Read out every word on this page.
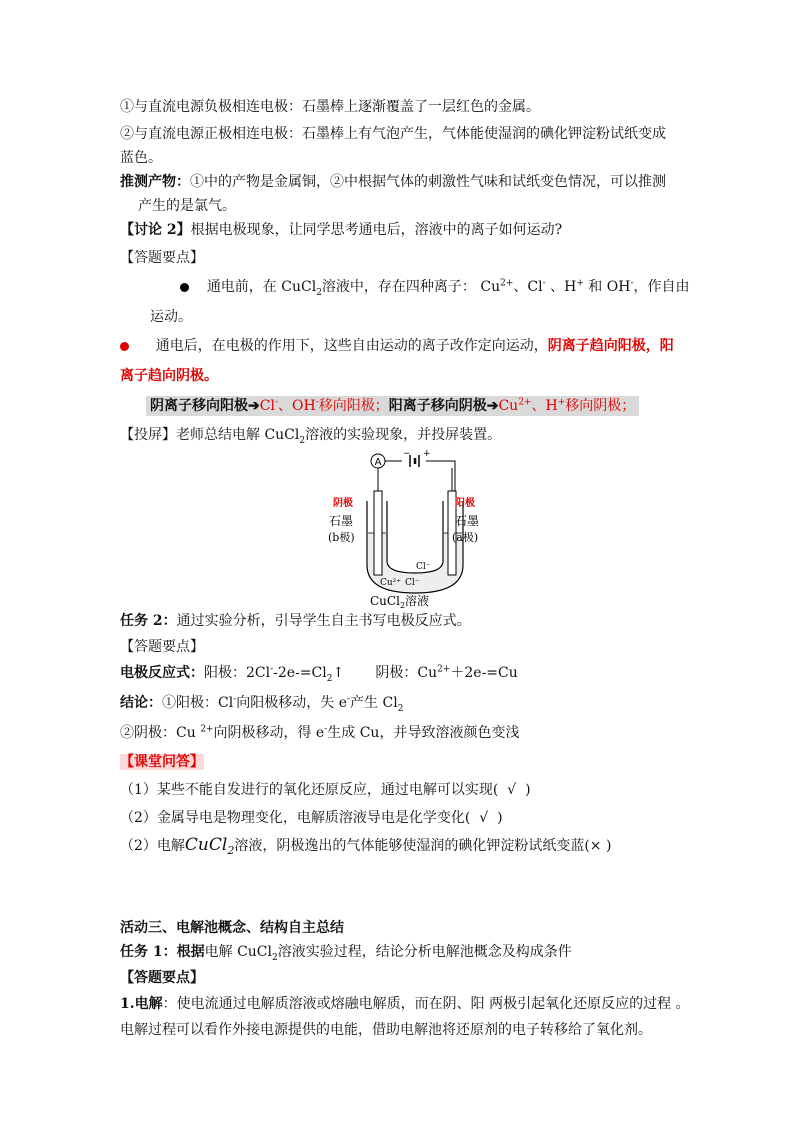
①与直流电源负极相连电极：石墨棒上逐渐覆盖了一层红色的金属。
②与直流电源正极相连电极：石墨棒上有气泡产生，气体能使湿润的碘化钾淀粉试纸变成
蓝色。
推测产物：①中的产物是金属铜，②中根据气体的刺激性气味和试纸变色情况，可以推测
产生的是氯气。
【讨论 2】根据电极现象，让同学思考通电后，溶液中的离子如何运动?
【答题要点】
通电前，在 CuCl$_2$溶液中，存在四种离子： $Cu^{2+}$、Cl- 、H+ 和 OH-，作自由
运动。
通电后，在电极的作用下，这些自由运动的离子改作定向运动，阴离子趋向阳极，阳
离子趋向阴极。
阴离子移向阳极➔Cl-、OH-移向阳极；阳离子移向阴极$➔Cu^{2+}$、H+移向阴极；
【投屏】老师总结电解 CuCl$_2$溶液的实验现象，并投屏装置。
A
− +
阴极	阳极
石墨
(b极)
石墨
(a极)
Cl⁻
Cu²⁺ Cl⁻
CuCl$_2$溶液
任务 2：通过实验分析，引导学生自主书写电极反应式。
【答题要点】
电极反应式：阳极：$2Cl^--2e-=Cl_2↑$ 阴极：$Cu^{2+}+2e-=Cu$
结论：①阳极：Cl-向阳极移动，失 e-产生 $Cl_2$
②阴极：Cu $^{2+}$向阴极移动，得 e-生成 Cu，并导致溶液颜色变浅
【课堂问答】
（1）某些不能自发进行的氧化还原反应，通过电解可以实现( √ )
（2）金属导电是物理变化，电解质溶液导电是化学变化( √ )
（2）电解CuCl$_2$溶液，阴极逸出的气体能够使湿润的碘化钾淀粉试纸变蓝(× )
活动三、电解池概念、结构自主总结
任务 1：根据电解 CuCl$_2$溶液实验过程，结论分析电解池概念及构成条件
【答题要点】
1.电解：使电流通过电解质溶液或熔融电解质，而在阴、阳 两极引起氧化还原反应的过程 。
电解过程可以看作外接电源提供的电能，借助电解池将还原剂的电子转移给了氧化剂。
